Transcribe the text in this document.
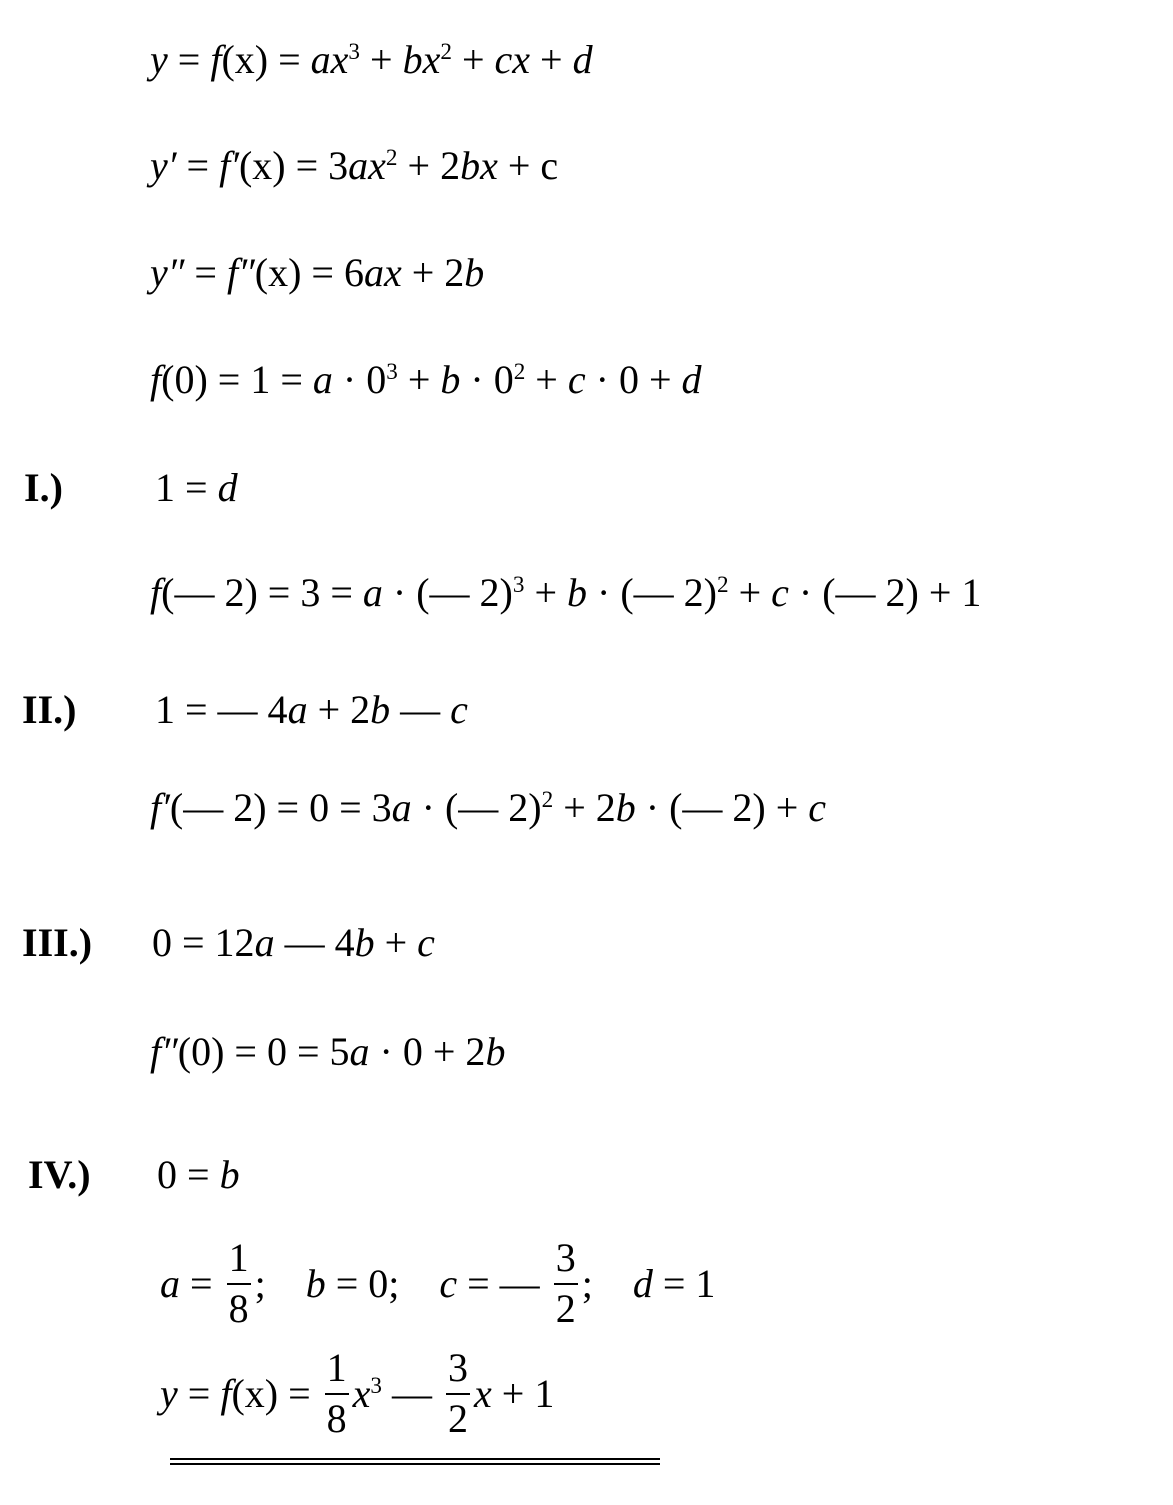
$y = f(x) = ax^3 + bx^2$ + cx + d
$y' = f'(x) = 3ax^2 + 2bx + c$
y″ = f″(x) = 6ax + 2b
$f(0) = 1 = a \cdot 0^3 + b \cdot 0^2 + c \cdot 0 + d$
I.) 1 = d
f(— 2) = 3 = a · (— 2)$^3$ + b · (— 2)$^2$ + c · (— 2) + 1
II.) 1 = — 4a + 2b — c
f′(— 2) = 0 = 3a · (— 2)$^2$ + 2b · (— 2) + c
III.) 0 = 12a — 4b + c
f″(0) = 0 = 5a · 0 + 2b
IV.) 0 = b
$a = \frac{1}{8}$ ; b = 0; c = — $\frac{3}{2}$ ; d = 1
$y = f(x) = \frac{1}{8} x^3$ — $\frac{3}{2}$ x + 1
